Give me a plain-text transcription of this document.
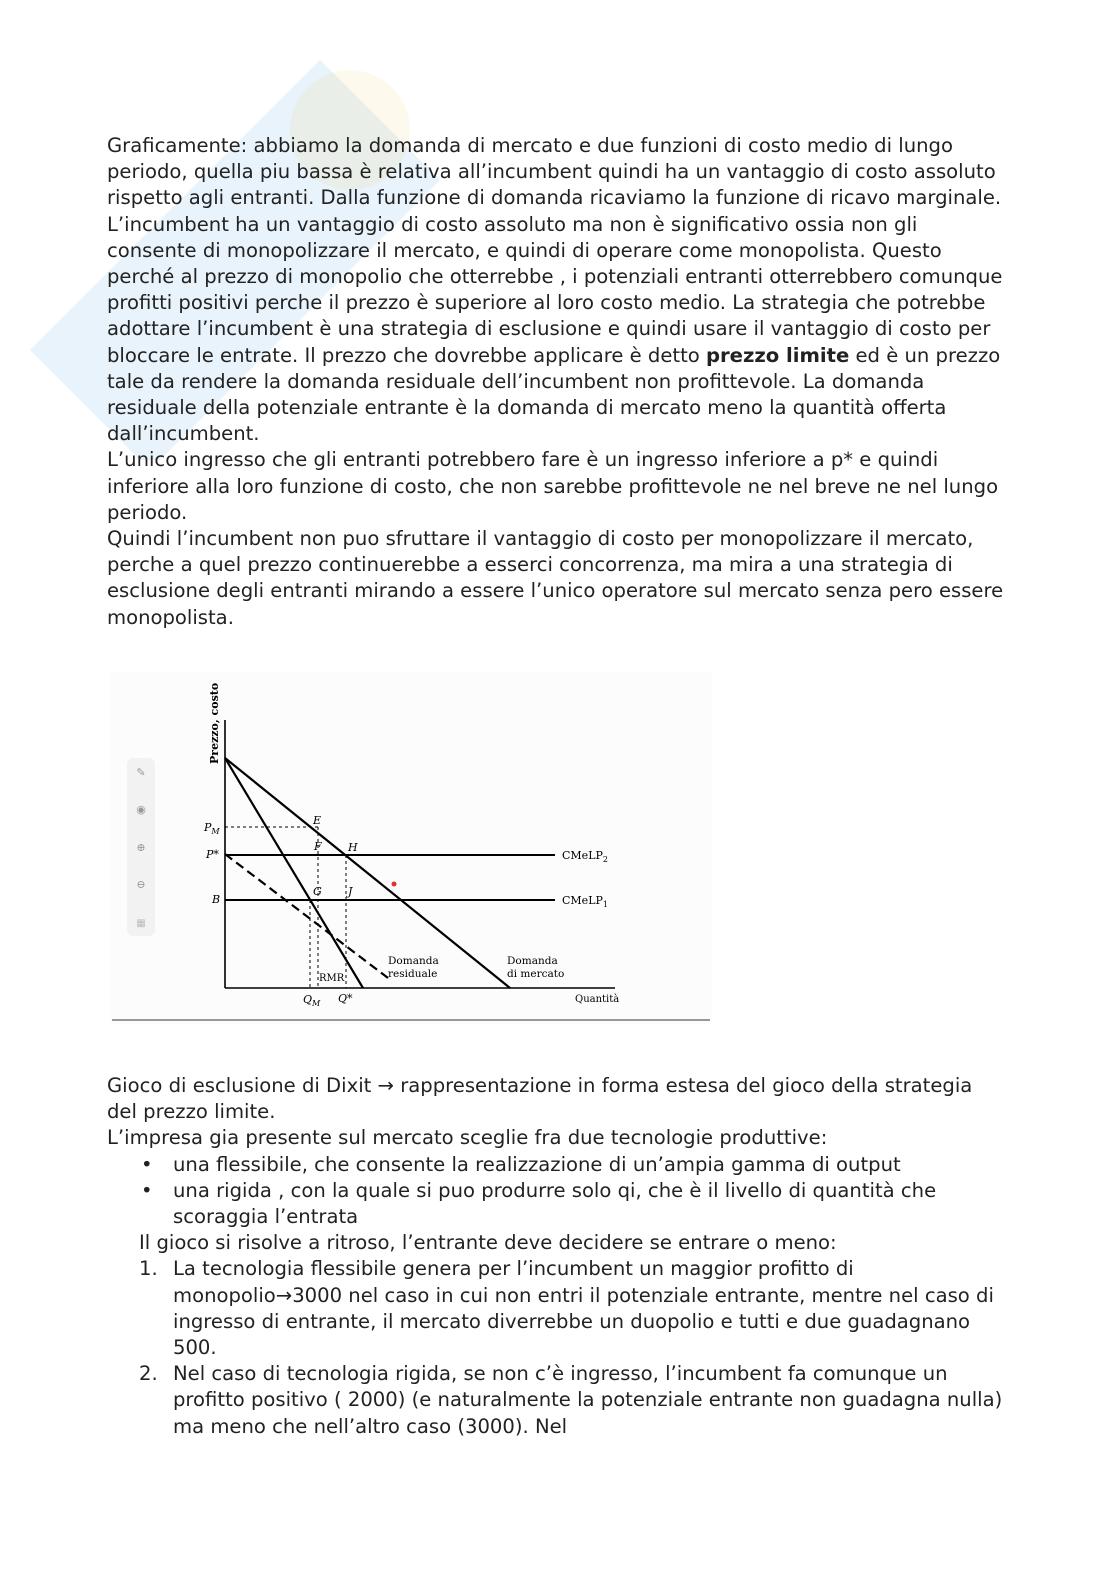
Graficamente: abbiamo la domanda di mercato e due funzioni di costo medio di lungo periodo, quella piu bassa è relativa all’incumbent quindi ha un vantaggio di costo assoluto rispetto agli entranti. Dalla funzione di domanda ricaviamo la funzione di ricavo marginale. L’incumbent ha un vantaggio di costo assoluto ma non è significativo ossia non gli consente di monopolizzare il mercato, e quindi di operare come monopolista. Questo perché al prezzo di monopolio che otterrebbe , i potenziali entranti otterrebbero comunque profitti positivi perche il prezzo è superiore al loro costo medio. La strategia che potrebbe adottare l’incumbent è una strategia di esclusione e quindi usare il vantaggio di costo per bloccare le entrate. Il prezzo che dovrebbe applicare è detto prezzo limite ed è un prezzo tale da rendere la domanda residuale dell’incumbent non profittevole. La domanda residuale della potenziale entrante è la domanda di mercato meno la quantità offerta dall’incumbent.

L’unico ingresso che gli entranti potrebbero fare è un ingresso inferiore a p* e quindi inferiore alla loro funzione di costo, che non sarebbe profittevole ne nel breve ne nel lungo periodo.

Quindi l’incumbent non puo sfruttare il vantaggio di costo per monopolizzare il mercato, perche a quel prezzo continuerebbe a esserci concorrenza, ma mira a una strategia di esclusione degli entranti mirando a essere l’unico operatore sul mercato senza pero essere monopolista.

✎
◉
⊕
⊖
▦
Prezzo, costo
Quantità
$P_M$
P*
B
E
F H
G J
CMeLP$_2$
CMeLP$_1$
Domanda
residuale
Domanda
di mercato
RMR
$Q_M$ Q*

Gioco di esclusione di Dixit → rappresentazione in forma estesa del gioco della strategia del prezzo limite.

L’impresa gia presente sul mercato sceglie fra due tecnologie produttive:

• una flessibile, che consente la realizzazione di un’ampia gamma di output
• una rigida , con la quale si puo produrre solo qi, che è il livello di quantità che scoraggia l’entrata

Il gioco si risolve a ritroso, l’entrante deve decidere se entrare o meno:

1. La tecnologia flessibile genera per l’incumbent un maggior profitto di monopolio→3000 nel caso in cui non entri il potenziale entrante, mentre nel caso di ingresso di entrante, il mercato diverrebbe un duopolio e tutti e due guadagnano 500.
2. Nel caso di tecnologia rigida, se non c’è ingresso, l’incumbent fa comunque un profitto positivo ( 2000) (e naturalmente la potenziale entrante non guadagna nulla) ma meno che nell’altro caso (3000). Nel
